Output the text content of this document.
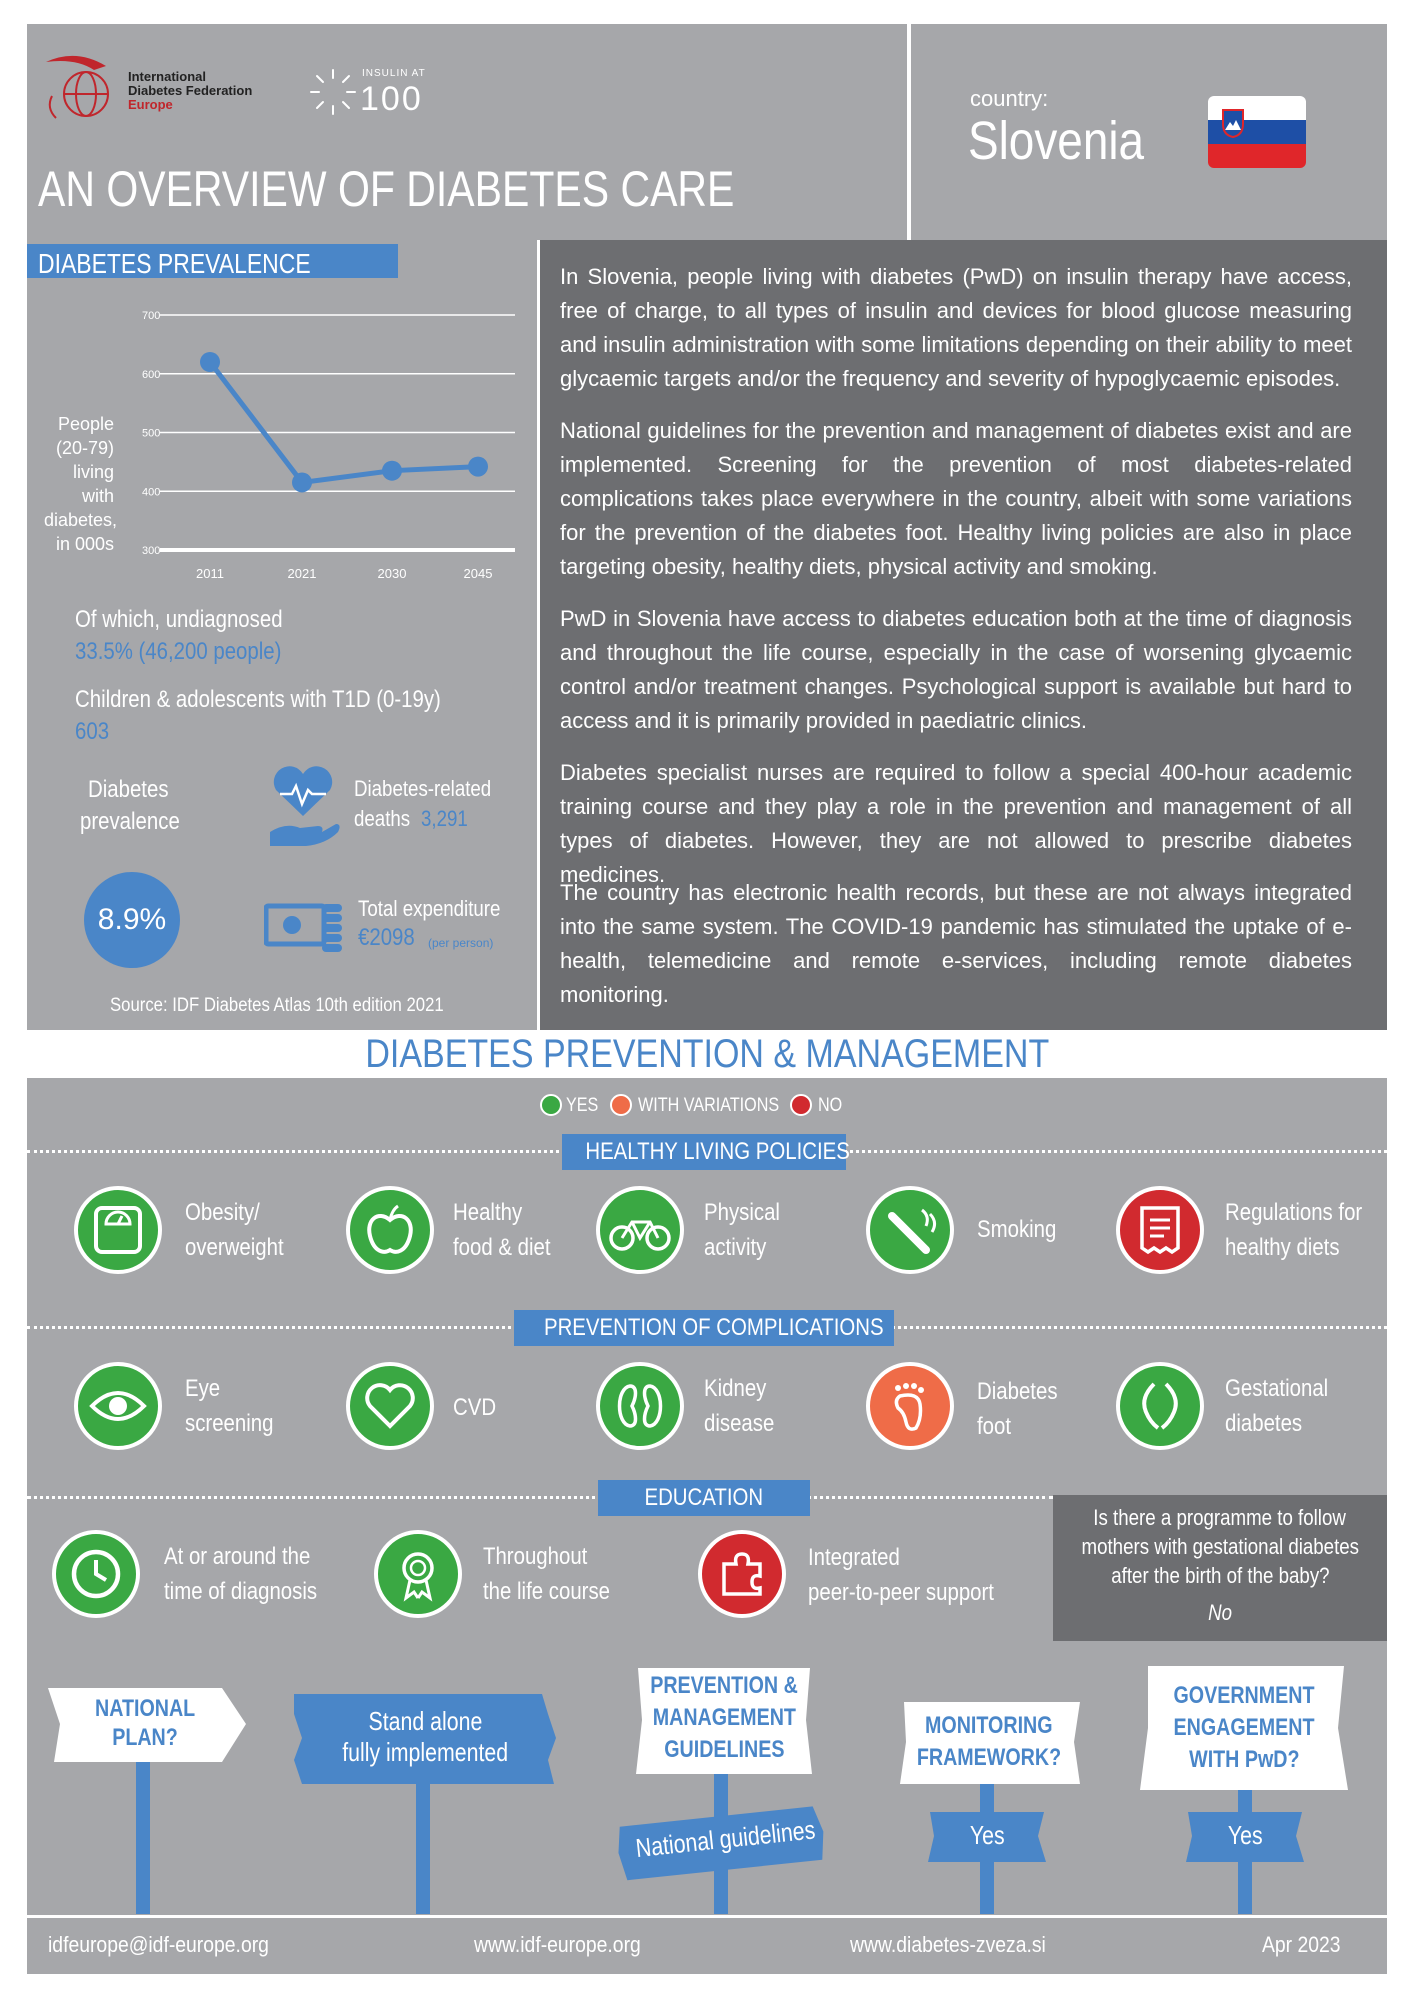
International
Diabetes Federation
Europe
INSULIN AT
100
AN OVERVIEW OF DIABETES CARE
country:
Slovenia
DIABETES PREVALENCE
People
(20-79)
living
with
diabetes,
in 000s
700
600
500
400
300
2011	2021	2030	2045
Of which, undiagnosed
33.5% (46,200 people)
Children & adolescents with T1D (0-19y)
603
Diabetes
prevalence
Diabetes-related
deaths 3,291
8.9%	Total expenditure
€2098 (per person)
Source: IDF Diabetes Atlas 10th edition 2021
In Slovenia, people living with diabetes (PwD) on insulin therapy have access, free of charge, to all types of insulin and devices for blood glucose measuring and insulin administration with some limitations depending on their ability to meet glycaemic targets and/or the frequency and severity of hypoglycaemic episodes.
National guidelines for the prevention and management of diabetes exist and are implemented. Screening for the prevention of most diabetes-related complications takes place everywhere in the country, albeit with some variations for the prevention of the diabetes foot. Healthy living policies are also in place targeting obesity, healthy diets, physical activity and smoking.
PwD in Slovenia have access to diabetes education both at the time of diagnosis and throughout the life course, especially in the case of worsening glycaemic control and/or treatment changes. Psychological support is available but hard to access and it is primarily provided in paediatric clinics.
Diabetes specialist nurses are required to follow a special 400-hour academic training course and they play a role in the prevention and management of all types of diabetes. However, they are not allowed to prescribe diabetes medicines.
The country has electronic health records, but these are not always integrated into the same system. The COVID-19 pandemic has stimulated the uptake of e-health, telemedicine and remote e-services, including remote diabetes monitoring.
DIABETES PREVENTION & MANAGEMENT
YES WITH VARIATIONS NO
HEALTHY LIVING POLICIES
Obesity/
overweight
Healthy
food & diet
Physical
activity
Smoking
Regulations for
healthy diets
PREVENTION OF COMPLICATIONS
Eye
screening
CVD
Kidney
disease
Diabetes
foot
Gestational
diabetes
EDUCATION
At or around the
time of diagnosis
Throughout
the life course
Integrated
peer-to-peer support
Is there a programme to follow
mothers with gestational diabetes
after the birth of the baby?
No
NATIONAL
PLAN?
Stand alone
fully implemented
PREVENTION &
MANAGEMENT
GUIDELINES
National guidelines
MONITORING
FRAMEWORK?
Yes
GOVERNMENT
ENGAGEMENT
WITH PwD?
Yes
idfeurope@idf-europe.org	www.idf-europe.org	www.diabetes-zveza.si	Apr 2023
